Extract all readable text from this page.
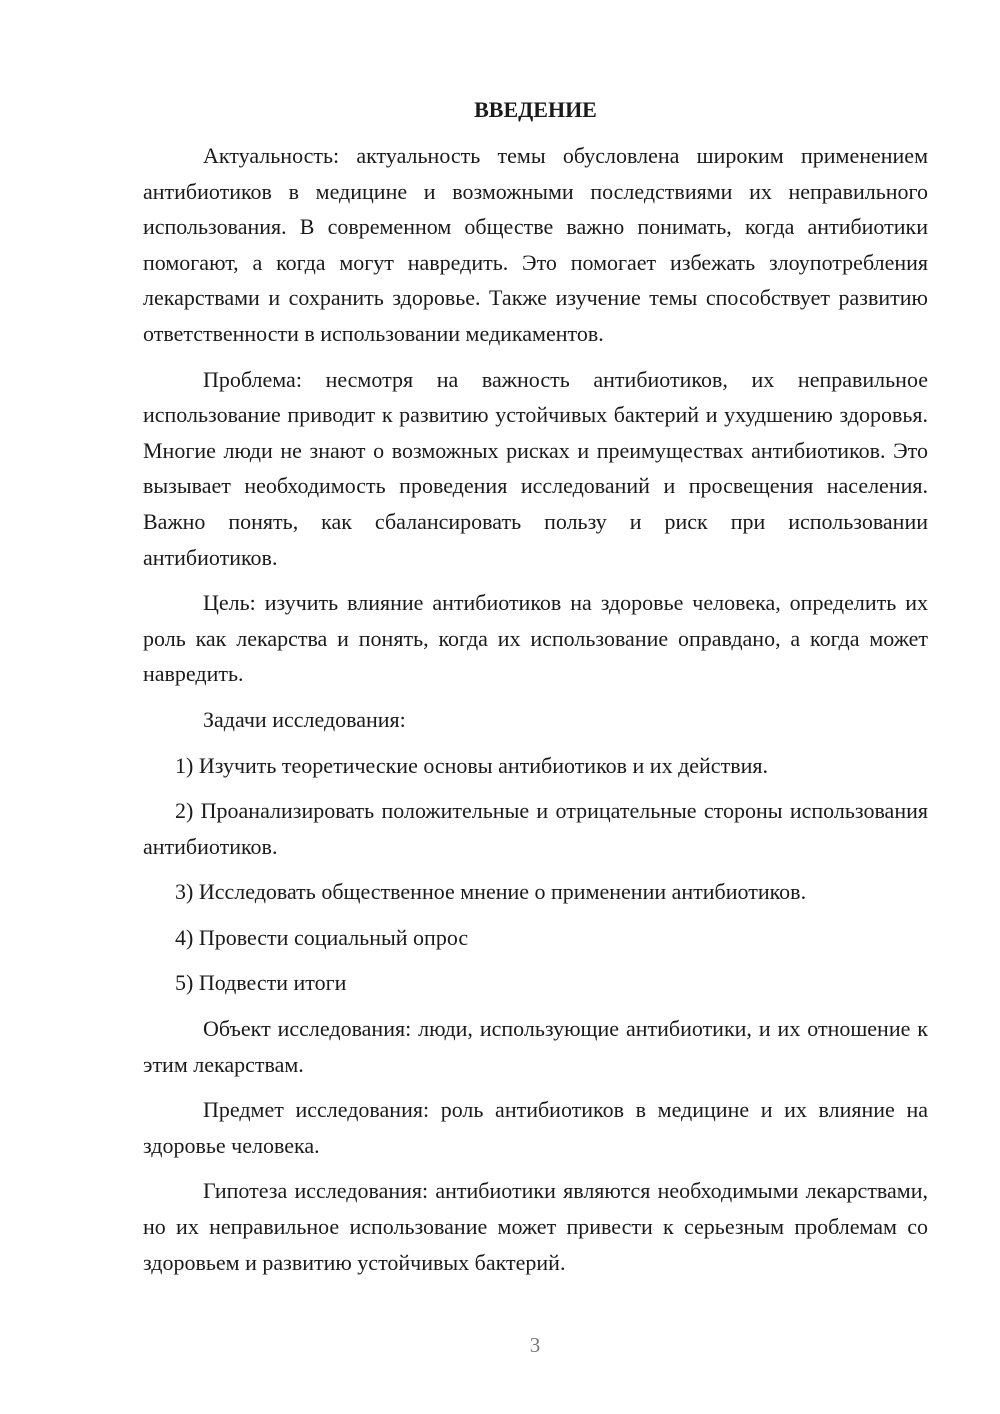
ВВЕДЕНИЕ

Актуальность: актуальность темы обусловлена широким применением антибиотиков в медицине и возможными последствиями их неправильного использования. В современном обществе важно понимать, когда антибиотики помогают, а когда могут навредить. Это помогает избежать злоупотребления лекарствами и сохранить здоровье. Также изучение темы способствует развитию ответственности в использовании медикаментов.

Проблема: несмотря на важность антибиотиков, их неправильное использование приводит к развитию устойчивых бактерий и ухудшению здоровья. Многие люди не знают о возможных рисках и преимуществах антибиотиков. Это вызывает необходимость проведения исследований и просвещения населения. Важно понять, как сбалансировать пользу и риск при использовании антибиотиков.

Цель: изучить влияние антибиотиков на здоровье человека, определить их роль как лекарства и понять, когда их использование оправдано, а когда может навредить.

Задачи исследования:

1) Изучить теоретические основы антибиотиков и их действия.

2) Проанализировать положительные и отрицательные стороны использования антибиотиков.

3) Исследовать общественное мнение о применении антибиотиков.

4) Провести социальный опрос

5) Подвести итоги

Объект исследования: люди, использующие антибиотики, и их отношение к этим лекарствам.

Предмет исследования: роль антибиотиков в медицине и их влияние на здоровье человека.

Гипотеза исследования: антибиотики являются необходимыми лекарствами, но их неправильное использование может привести к серьезным проблемам со здоровьем и развитию устойчивых бактерий.

3
